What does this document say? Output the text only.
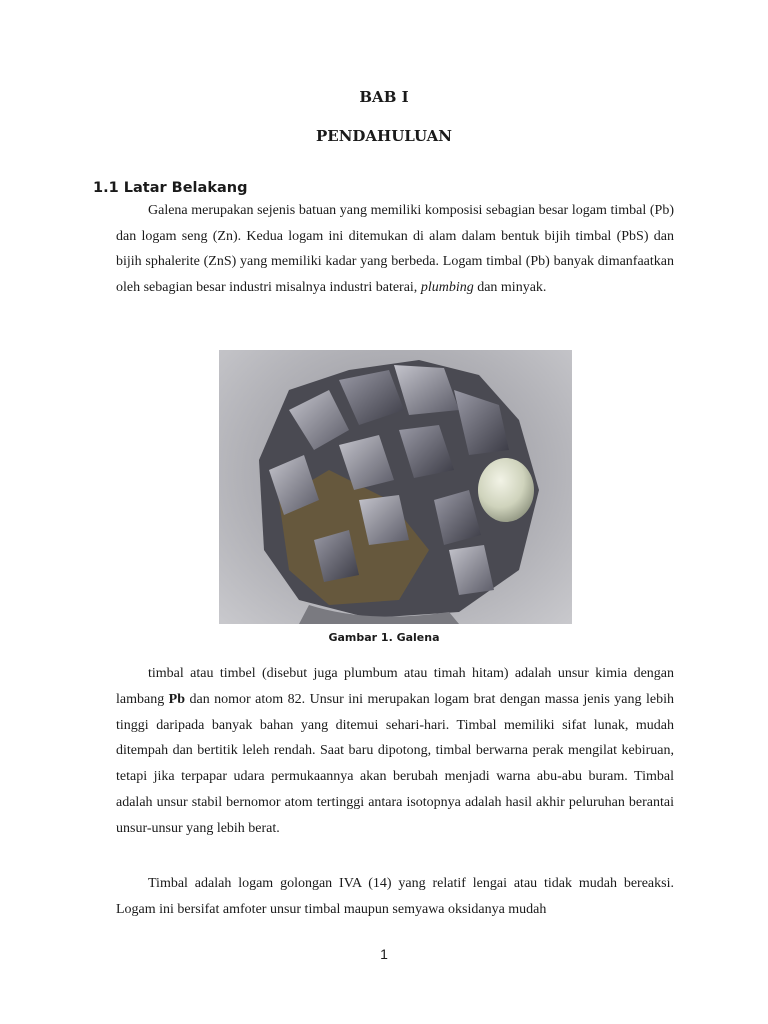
BAB I
PENDAHULUAN
1.1 Latar Belakang

Galena merupakan sejenis batuan yang memiliki komposisi sebagian besar logam timbal (Pb) dan logam seng (Zn). Kedua logam ini ditemukan di alam dalam bentuk bijih timbal (PbS) dan bijih sphalerite (ZnS) yang memiliki kadar yang berbeda. Logam timbal (Pb) banyak dimanfaatkan oleh sebagian besar industri misalnya industri baterai, plumbing dan minyak.

Gambar 1. Galena

timbal atau timbel (disebut juga plumbum atau timah hitam) adalah unsur kimia dengan lambang Pb dan nomor atom 82. Unsur ini merupakan logam brat dengan massa jenis yang lebih tinggi daripada banyak bahan yang ditemui sehari-hari. Timbal memiliki sifat lunak, mudah ditempah dan bertitik leleh rendah. Saat baru dipotong, timbal berwarna perak mengilat kebiruan, tetapi jika terpapar udara permukaannya akan berubah menjadi warna abu-abu buram. Timbal adalah unsur stabil bernomor atom tertinggi antara isotopnya adalah hasil akhir peluruhan berantai unsur-unsur yang lebih berat.

Timbal adalah logam golongan IVA (14) yang relatif lengai atau tidak mudah bereaksi. Logam ini bersifat amfoter unsur timbal maupun semyawa oksidanya mudah

1
